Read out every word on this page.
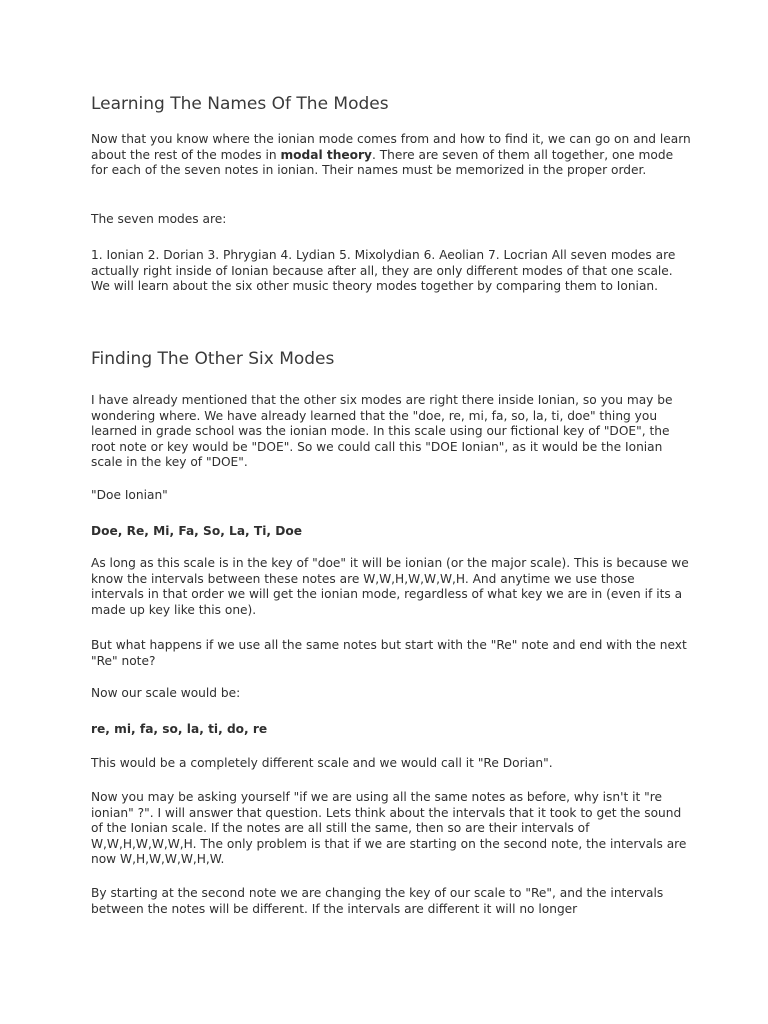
Learning The Names Of The Modes

Now that you know where the ionian mode comes from and how to find it, we can go on and learn about the rest of the modes in modal theory. There are seven of them all together, one mode for each of the seven notes in ionian. Their names must be memorized in the proper order.

The seven modes are:

1. Ionian 2. Dorian 3. Phrygian 4. Lydian 5. Mixolydian 6. Aeolian 7. Locrian All seven modes are actually right inside of Ionian because after all, they are only different modes of that one scale. We will learn about the six other music theory modes together by comparing them to Ionian.

Finding The Other Six Modes

I have already mentioned that the other six modes are right there inside Ionian, so you may be wondering where. We have already learned that the "doe, re, mi, fa, so, la, ti, doe" thing you learned in grade school was the ionian mode. In this scale using our fictional key of "DOE", the root note or key would be "DOE". So we could call this "DOE Ionian", as it would be the Ionian scale in the key of "DOE".

"Doe Ionian"

Doe, Re, Mi, Fa, So, La, Ti, Doe

As long as this scale is in the key of "doe" it will be ionian (or the major scale). This is because we know the intervals between these notes are W,W,H,W,W,W,H. And anytime we use those intervals in that order we will get the ionian mode, regardless of what key we are in (even if its a made up key like this one).

But what happens if we use all the same notes but start with the "Re" note and end with the next "Re" note?

Now our scale would be:

re, mi, fa, so, la, ti, do, re

This would be a completely different scale and we would call it "Re Dorian".

Now you may be asking yourself "if we are using all the same notes as before, why isn't it "re ionian" ?". I will answer that question. Lets think about the intervals that it took to get the sound of the Ionian scale. If the notes are all still the same, then so are their intervals of W,W,H,W,W,W,H. The only problem is that if we are starting on the second note, the intervals are now W,H,W,W,W,H,W.

By starting at the second note we are changing the key of our scale to "Re", and the intervals between the notes will be different. If the intervals are different it will no longer
